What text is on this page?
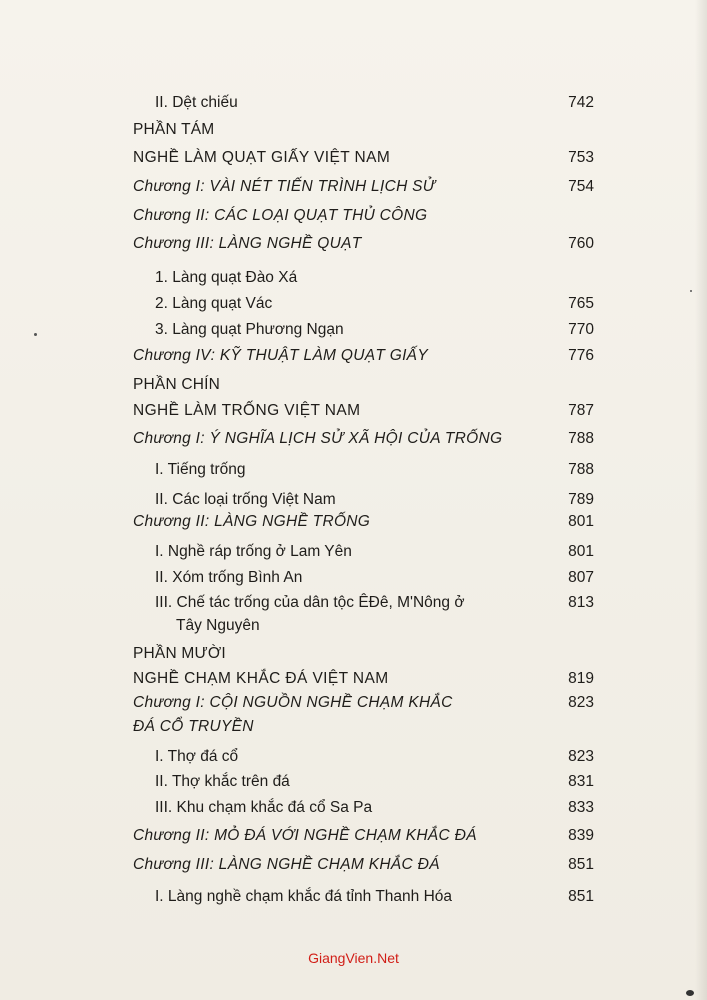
II. Dệt chiếu	742
PHẦN TÁM
NGHỀ LÀM QUẠT GIẤY VIỆT NAM	753
Chương I: VÀI NÉT TIẾN TRÌNH LỊCH SỬ	754
Chương II: CÁC LOẠI QUẠT THỦ CÔNG
Chương III: LÀNG NGHỀ QUẠT	760
1. Làng quạt Đào Xá
2. Làng quạt Vác	765
3. Làng quạt Phương Ngạn	770
Chương IV: KỸ THUẬT LÀM QUẠT GIẤY	776
PHẦN CHÍN
NGHỀ LÀM TRỐNG VIỆT NAM	787
Chương I: Ý NGHĨA LỊCH SỬ XÃ HỘI CỦA TRỐNG	788
I. Tiếng trống	788
II. Các loại trống Việt Nam	789
Chương II: LÀNG NGHỀ TRỐNG	801
I. Nghề ráp trống ở Lam Yên	801
II. Xóm trống Bình An	807
III. Chế tác trống của dân tộc ÊĐê, M'Nông ở	813
Tây Nguyên
PHẦN MƯỜI
NGHỀ CHẠM KHẮC ĐÁ VIỆT NAM	819
Chương I: CỘI NGUỒN NGHỀ CHẠM KHẮC	823
ĐÁ CỔ TRUYỀN
I. Thợ đá cổ	823
II. Thợ khắc trên đá	831
III. Khu chạm khắc đá cổ Sa Pa	833
Chương II: MỎ ĐÁ VỚI NGHỀ CHẠM KHẮC ĐÁ	839
Chương III: LÀNG NGHỀ CHẠM KHẮC ĐÁ	851
I. Làng nghề chạm khắc đá tỉnh Thanh Hóa	851
GiangVien.Net
